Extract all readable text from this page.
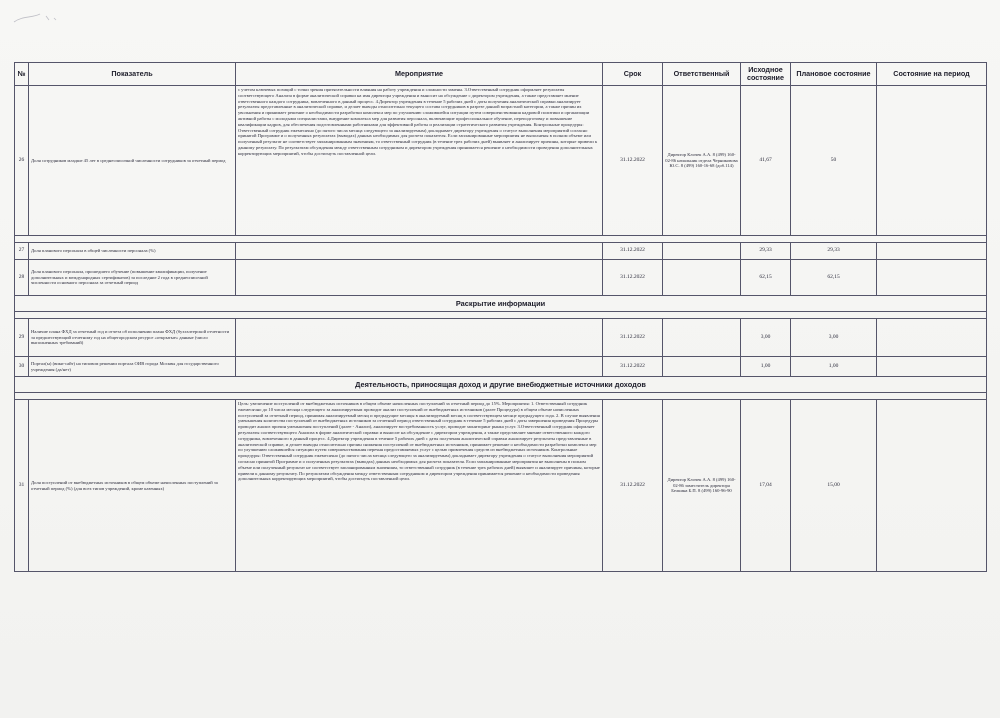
№	Показатель	Мероприятие	Срок	Ответственный	Исходное состояние	Плановое состояние	Состояние на период
26	Доля сотрудников младше 45 лет в среднесписочной численности сотрудников за отчетный период	с учетом ключевых позиций с точки зрения притягательности влияния на работу учреждения и сложности замены. 3.Ответственный сотрудник оформляет результаты соответствующего Анализа в форме аналитической справки на имя директора учреждения и выносит на обсуждение с директором учреждения, а также представляет мнение ответственного каждого сотрудника, вовлеченного в данный процесс. 4.Директор учреждения в течение 5 рабочих дней с даты получения аналитической справки анализирует результаты представленные в аналитической справке, и делает выводы относительно текущего состава сотрудников в разрезе данной возрастной категории, а также причин их увольнения и принимает решение о необходимости разработки комплекса мер по улучшению сложившейся ситуации путем совершенствования кадровой политики и организации активной работы с молодыми специалистами, внедрение комплекса мер для развития персонала, включающие профессиональное обучение, переподготовку и повышение квалификации кадров, для обеспечения подготовленными работниками для эффективной работы и реализации стратегического развития учреждения. Контрольные процедуры: Ответственный сотрудник ежемесячно (до пятого числа месяца следующего за анализируемым) докладывает директору учреждения о статусе выполнения мероприятий согласно принятой Программе и о полученных результатах (выводах) данных необходимых для расчета показателя. Если запланированные мероприятия не выполнены в полном объеме или полученный результат не соответствует запланированным значениям, то ответственный сотрудник (в течение трех рабочих дней) выявляет и анализирует причины, которые привели к данному результату. По результатам обсуждения между ответственным сотрудником и директором учреждения принимается решение о необходимости проведения дополнительных корректирующих мероприятий, чтобы достигнуть поставленной цели.	31.12.2022	Директор Клочек А.А. 8 (499) 160-02-86 начальник отдела Черниковова Ю.С. 8 (499) 160-16-68 (доб.114)	41,67	50	

27	Доля планового персонала в общей численности персонала (%)		31.12.2022		29,33	29,33	
28	Доля планового персонала, прошедшего обучение (повышение квалификации, получение дополнительных и международных сертификатов) за последние 2 года в среднесписочной численности основного персонала за отчетный период		31.12.2022		62,15	62,15	
Раскрытие информации							

29	Наличие плана ФХД за отчетный год и отчета об исполнении плана ФХД (бухгалтерской отчетности за предшествующий отчетному год на общегородском ресурсе «открытые» данные (число выполненных требований)		31.12.2022		3,00	3,00	
30	Портал(ы) (вики-сайт) на типовом решении портала ОИВ города Москвы для государственного учреждения (да/нет)		31.12.2022		1,00	1,00	
Деятельность, приносящая доход и другие внебюджетные источники доходов							

31	Доля поступлений от внебюджетных источников в общем объеме начисленных поступлений за отчетный период (%) (для всех типов учреждений, кроме казенных)	Цель: увеличение поступлений от внебюджетных источников в общем объеме начисленных поступлений за отчетный период до 15%. Мероприятия: 1. Ответственный сотрудник ежемесячно до 10 числа месяца следующего за анализируемым проводит анализ поступлений от внебюджетных источников (далее Процедура) в общем объеме начисленных поступлений за отчетный период, принимая анализируемый месяц и предыдущие месяцы в анализируемый месяц в соответствующем месяце предыдущего года. 2. В случае выявления уменьшения количества поступлений от внебюджетных источников за отчетный период ответственный сотрудник в течение 5 рабочих дней с даты завершения проведения Процедуры проводит анализ причин уменьшения поступлений (далее - Анализ), анализирует востребованность услуг, проводит мониторинг рынка услуг. 3.Ответственный сотрудник оформляет результаты соответствующего Анализа в форме аналитической справки и выносит на обсуждение с директором учреждения, а также представляет мнение ответственного каждого сотрудника, вовлеченного в данный процесс. 4.Директор учреждения в течение 5 рабочих дней с даты получения аналитической справки анализирует результаты представленные в аналитической справке, и делает выводы относительно причин снижения поступлений от внебюджетных источников, принимает решение о необходимости разработки комплекса мер по улучшению сложившейся ситуации путем совершенствования перечня предоставляемых услуг с целью привлечения средств из внебюджетных источников. Контрольные процедуры: Ответственный сотрудник ежемесячно (до пятого числа месяца следующего за анализируемым) докладывает директору учреждения о статусе выполнения мероприятий согласно принятой Программе и о полученных результатах (выводах) данных необходимых для расчета показателя. Если запланированные мероприятия не выполнены в полном объеме или полученный результат не соответствует запланированным значениям, то ответственный сотрудник (в течение трех рабочих дней) выявляет и анализирует причины, которые привели к данному результату. По результатам обсуждения между ответственным сотрудником и директором учреждения принимается решение о необходимости проведения дополнительных корректирующих мероприятий, чтобы достигнуть поставленной цели.	31.12.2022	Директор Клочек А.А. 8 (499) 160-02-86 заместитель директора Белкина Б.П. 8 (499) 160-96-90	17,04	15,00	
